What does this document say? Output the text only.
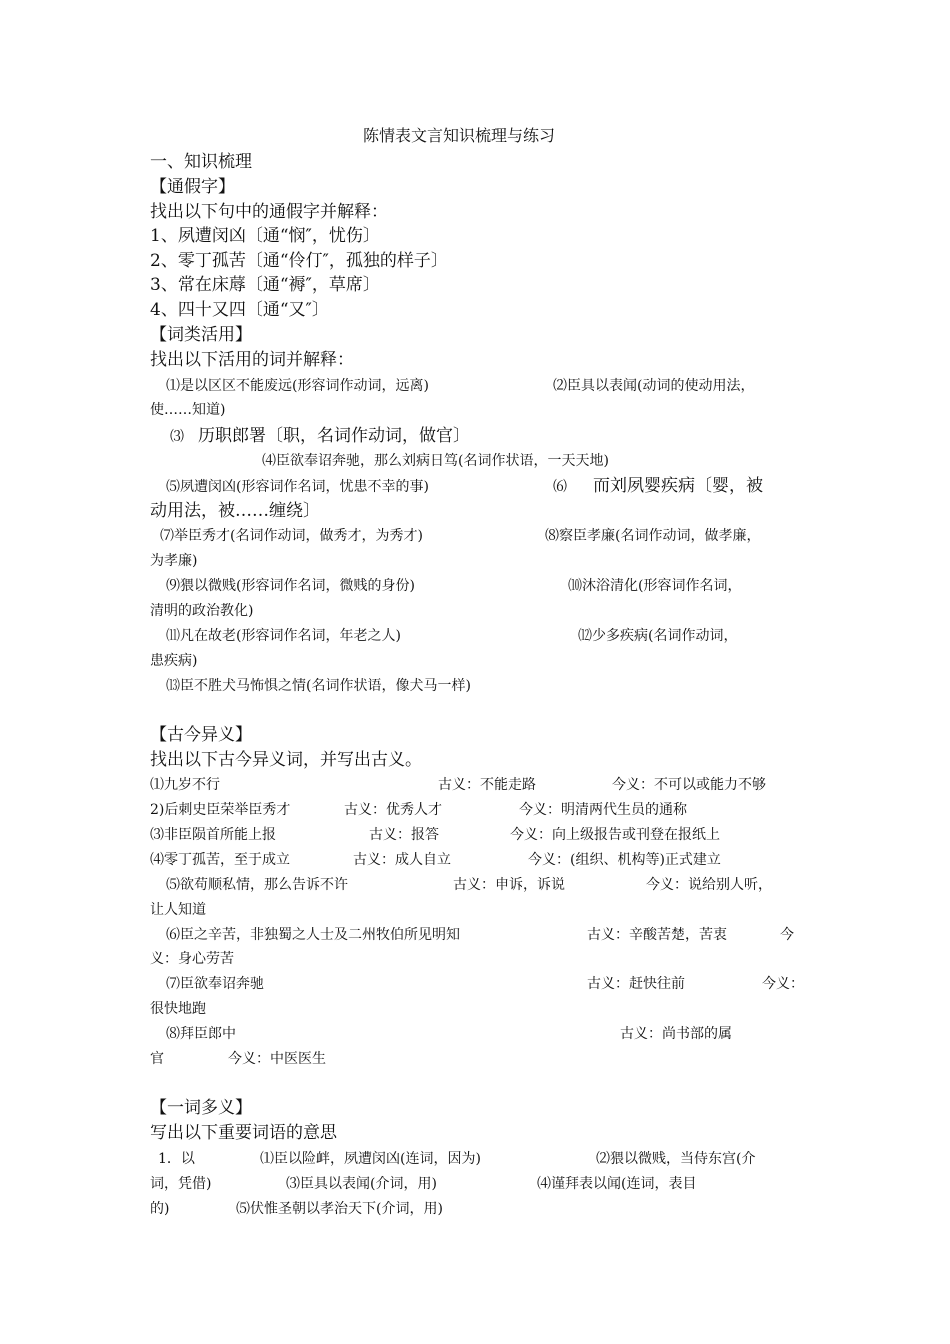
陈情表文言知识梳理与练习
一、知识梳理
【通假字】
找出以下句中的通假字并解释：
1、夙遭闵凶〔通“悯″，忧伤〕
2、零丁孤苦〔通“伶仃″，孤独的样子〕
3、常在床蓐〔通“褥″，草席〕
4、四十又四〔通“又″〕
【词类活用】
找出以下活用的词并解释：
⑴是以区区不能废远(形容词作动词，远离)	⑵臣具以表闻(动词的使动用法，
使……知道)
⑶ 历职郎署〔职，名词作动词，做官〕
⑷臣欲奉诏奔驰，那么刘病日笃(名词作状语，一天天地)
⑸夙遭闵凶(形容词作名词，忧患不幸的事)	⑹ 而刘夙婴疾病〔婴，被
动用法，被……缠绕〕
⑺举臣秀才(名词作动词，做秀才，为秀才)	⑻察臣孝廉(名词作动词，做孝廉，
为孝廉)
⑼猥以微贱(形容词作名词，微贱的身份)	⑽沐浴清化(形容词作名词，
清明的政治教化)
⑾凡在故老(形容词作名词，年老之人)	⑿少多疾病(名词作动词，
患疾病)
⒀臣不胜犬马怖惧之情(名词作状语，像犬马一样)
【古今异义】
找出以下古今异义词，并写出古义。
⑴九岁不行	古义：不能走路	今义：不可以或能力不够
2)后刺史臣荣举臣秀才	古义：优秀人才	今义：明清两代生员的通称
⑶非臣陨首所能上报	古义：报答	今义：向上级报告或刊登在报纸上
⑷零丁孤苦，至于成立	古义：成人自立	今义：(组织、机构等)正式建立
⑸欲苟顺私情，那么告诉不许	古义：申诉，诉说	今义：说给别人听，
让人知道
⑹臣之辛苦，非独蜀之人士及二州牧伯所见明知	古义：辛酸苦楚，苦衷	今
义：身心劳苦
⑺臣欲奉诏奔驰	古义：赶快往前	今义：
很快地跑
⑻拜臣郎中	古义：尚书部的属
官	今义：中医医生
【一词多义】
写出以下重要词语的意思
1．以	⑴臣以险衅，夙遭闵凶(连词，因为)	⑵猥以微贱，当侍东宫(介
词，凭借)	⑶臣具以表闻(介词，用)	⑷谨拜表以闻(连词，表目
的)	⑸伏惟圣朝以孝治天下(介词，用)
